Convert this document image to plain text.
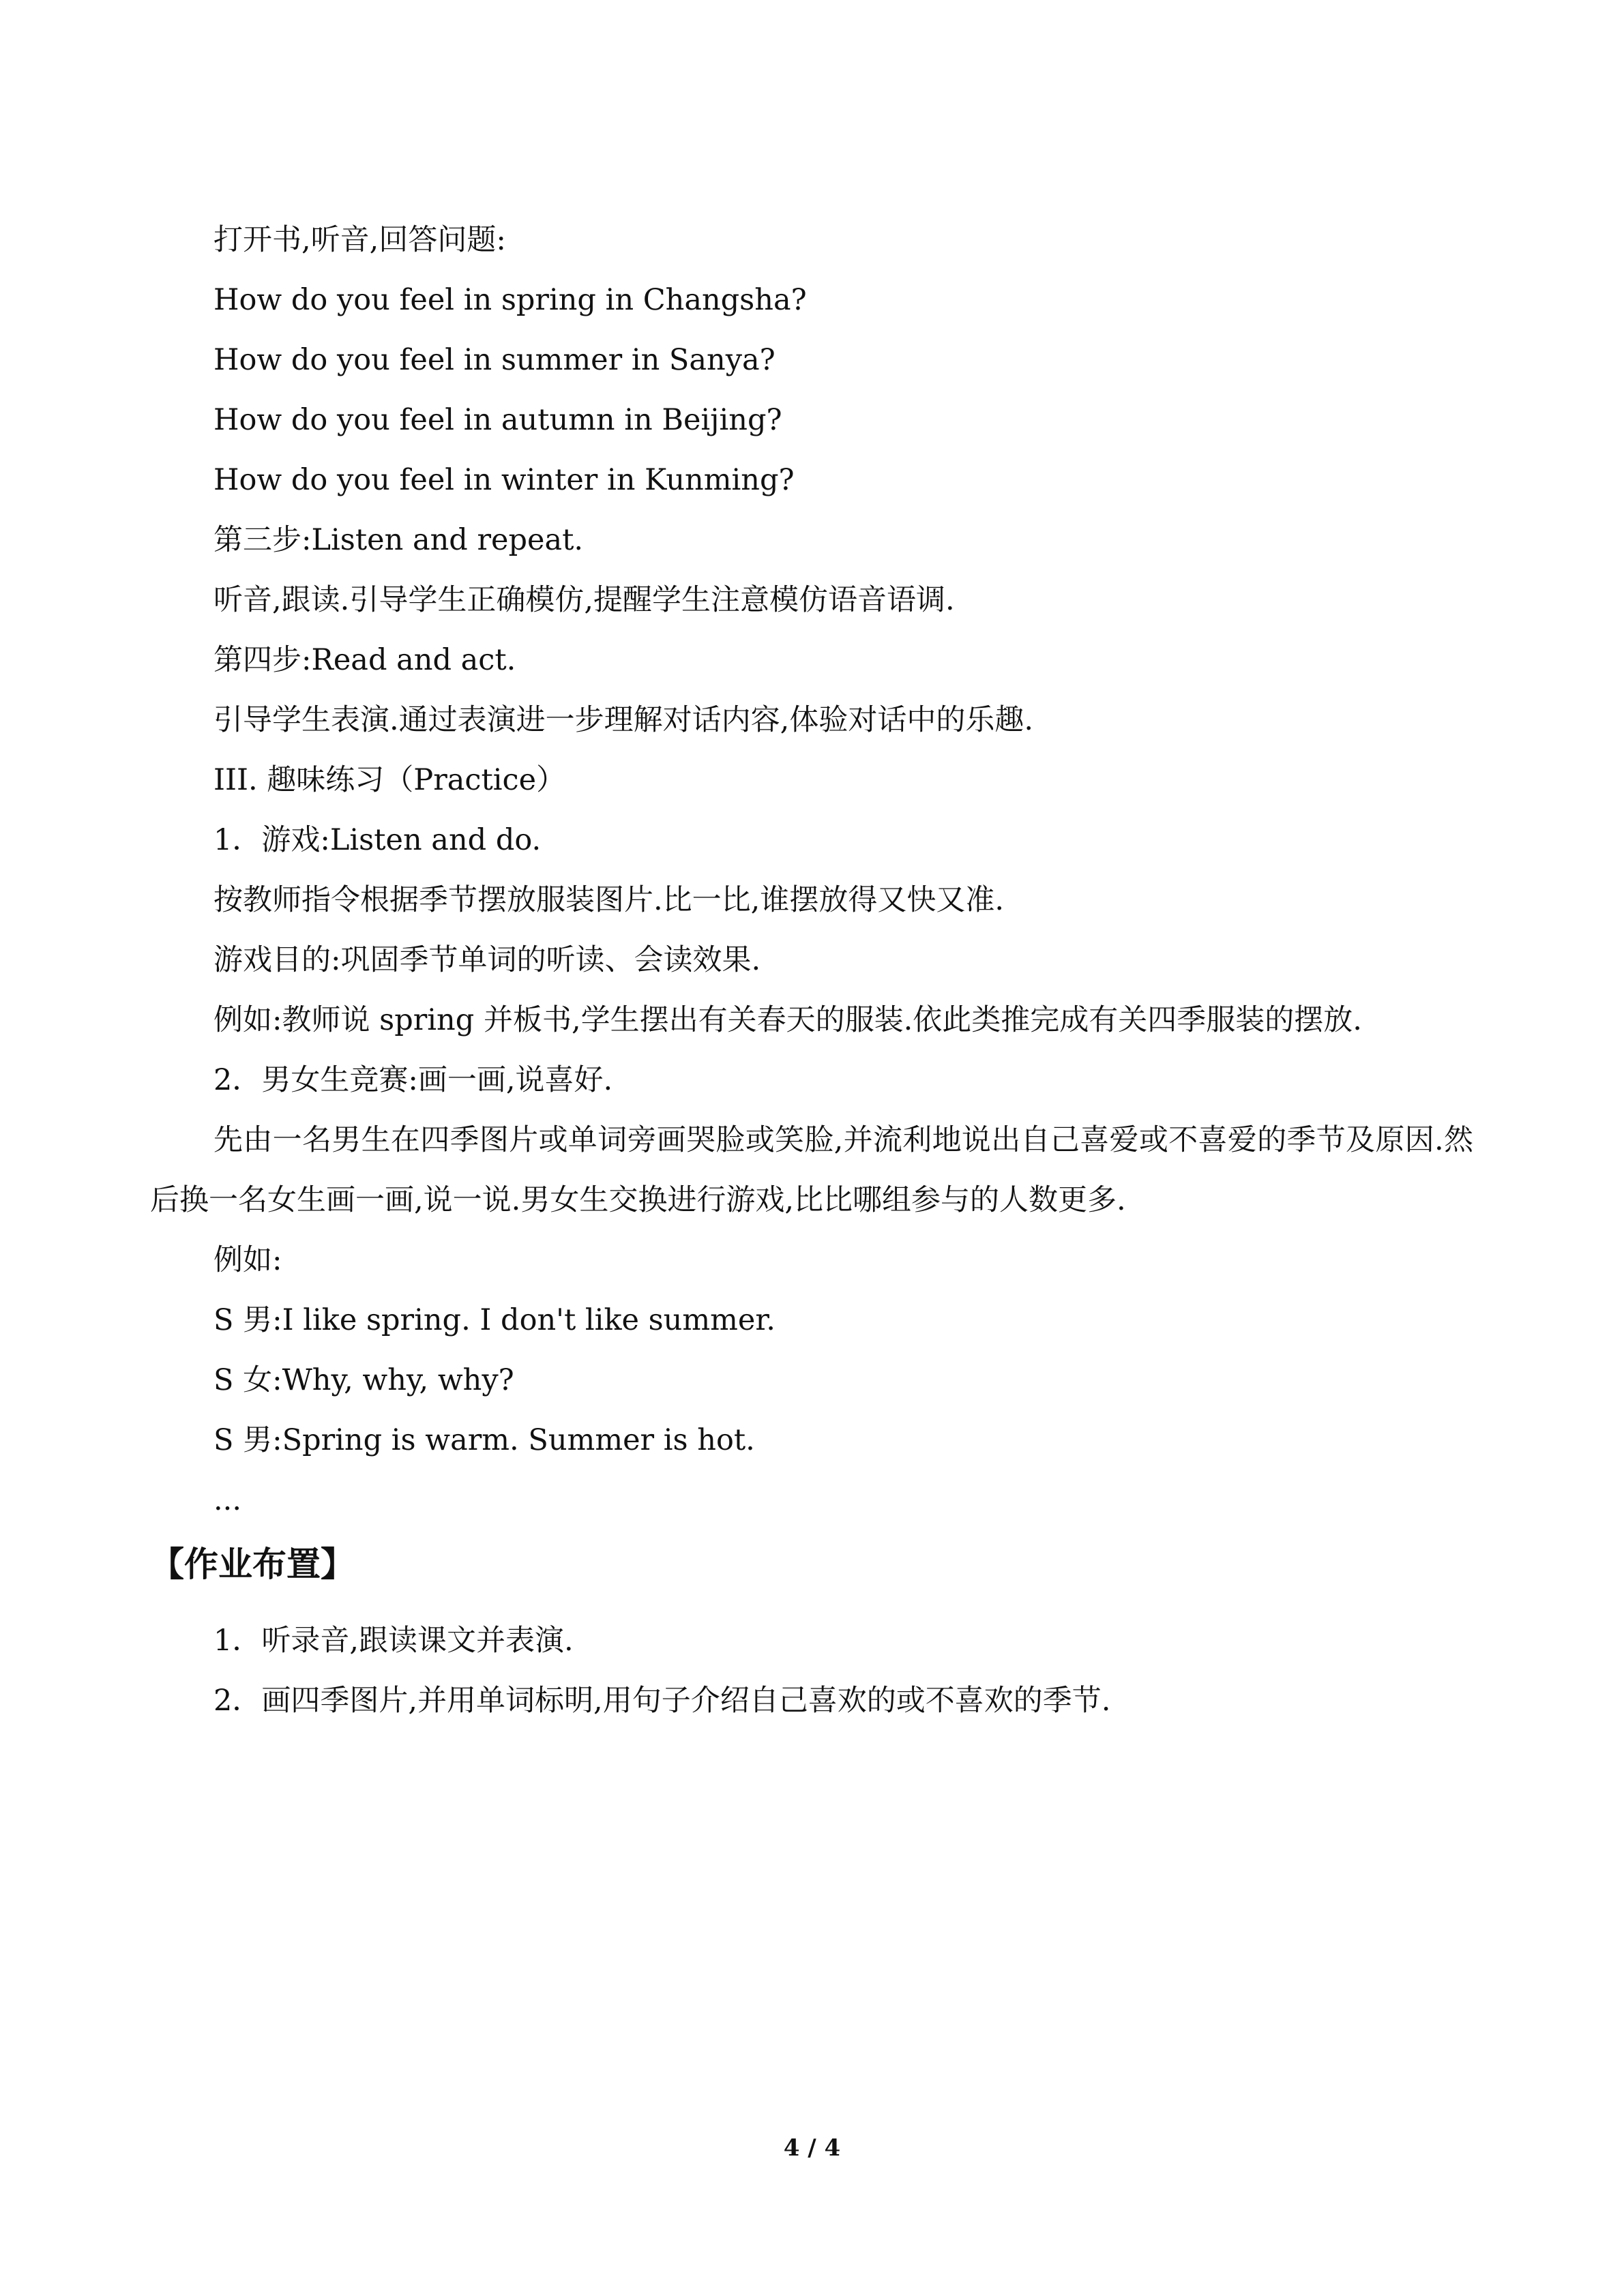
打开书,听音,回答问题:
How do you feel in spring in Changsha?
How do you feel in summer in Sanya?
How do you feel in autumn in Beijing?
How do you feel in winter in Kunming?
第三步:Listen and repeat.
听音,跟读.引导学生正确模仿,提醒学生注意模仿语音语调.
第四步:Read and act.
引导学生表演.通过表演进一步理解对话内容,体验对话中的乐趣.
III. 趣味练习（Practice）
1．游戏:Listen and do.
按教师指令根据季节摆放服装图片.比一比,谁摆放得又快又准.
游戏目的:巩固季节单词的听读、会读效果.
例如:教师说 spring 并板书,学生摆出有关春天的服装.依此类推完成有关四季服装的摆放.
2．男女生竞赛:画一画,说喜好.
先由一名男生在四季图片或单词旁画哭脸或笑脸,并流利地说出自己喜爱或不喜爱的季节及原因.然后换一名女生画一画,说一说.男女生交换进行游戏,比比哪组参与的人数更多.
例如:
S 男:I like spring. I don't like summer.
S 女:Why, why, why?
S 男:Spring is warm. Summer is hot.
...
【作业布置】
1．听录音,跟读课文并表演.
2．画四季图片,并用单词标明,用句子介绍自己喜欢的或不喜欢的季节.
4 / 4
